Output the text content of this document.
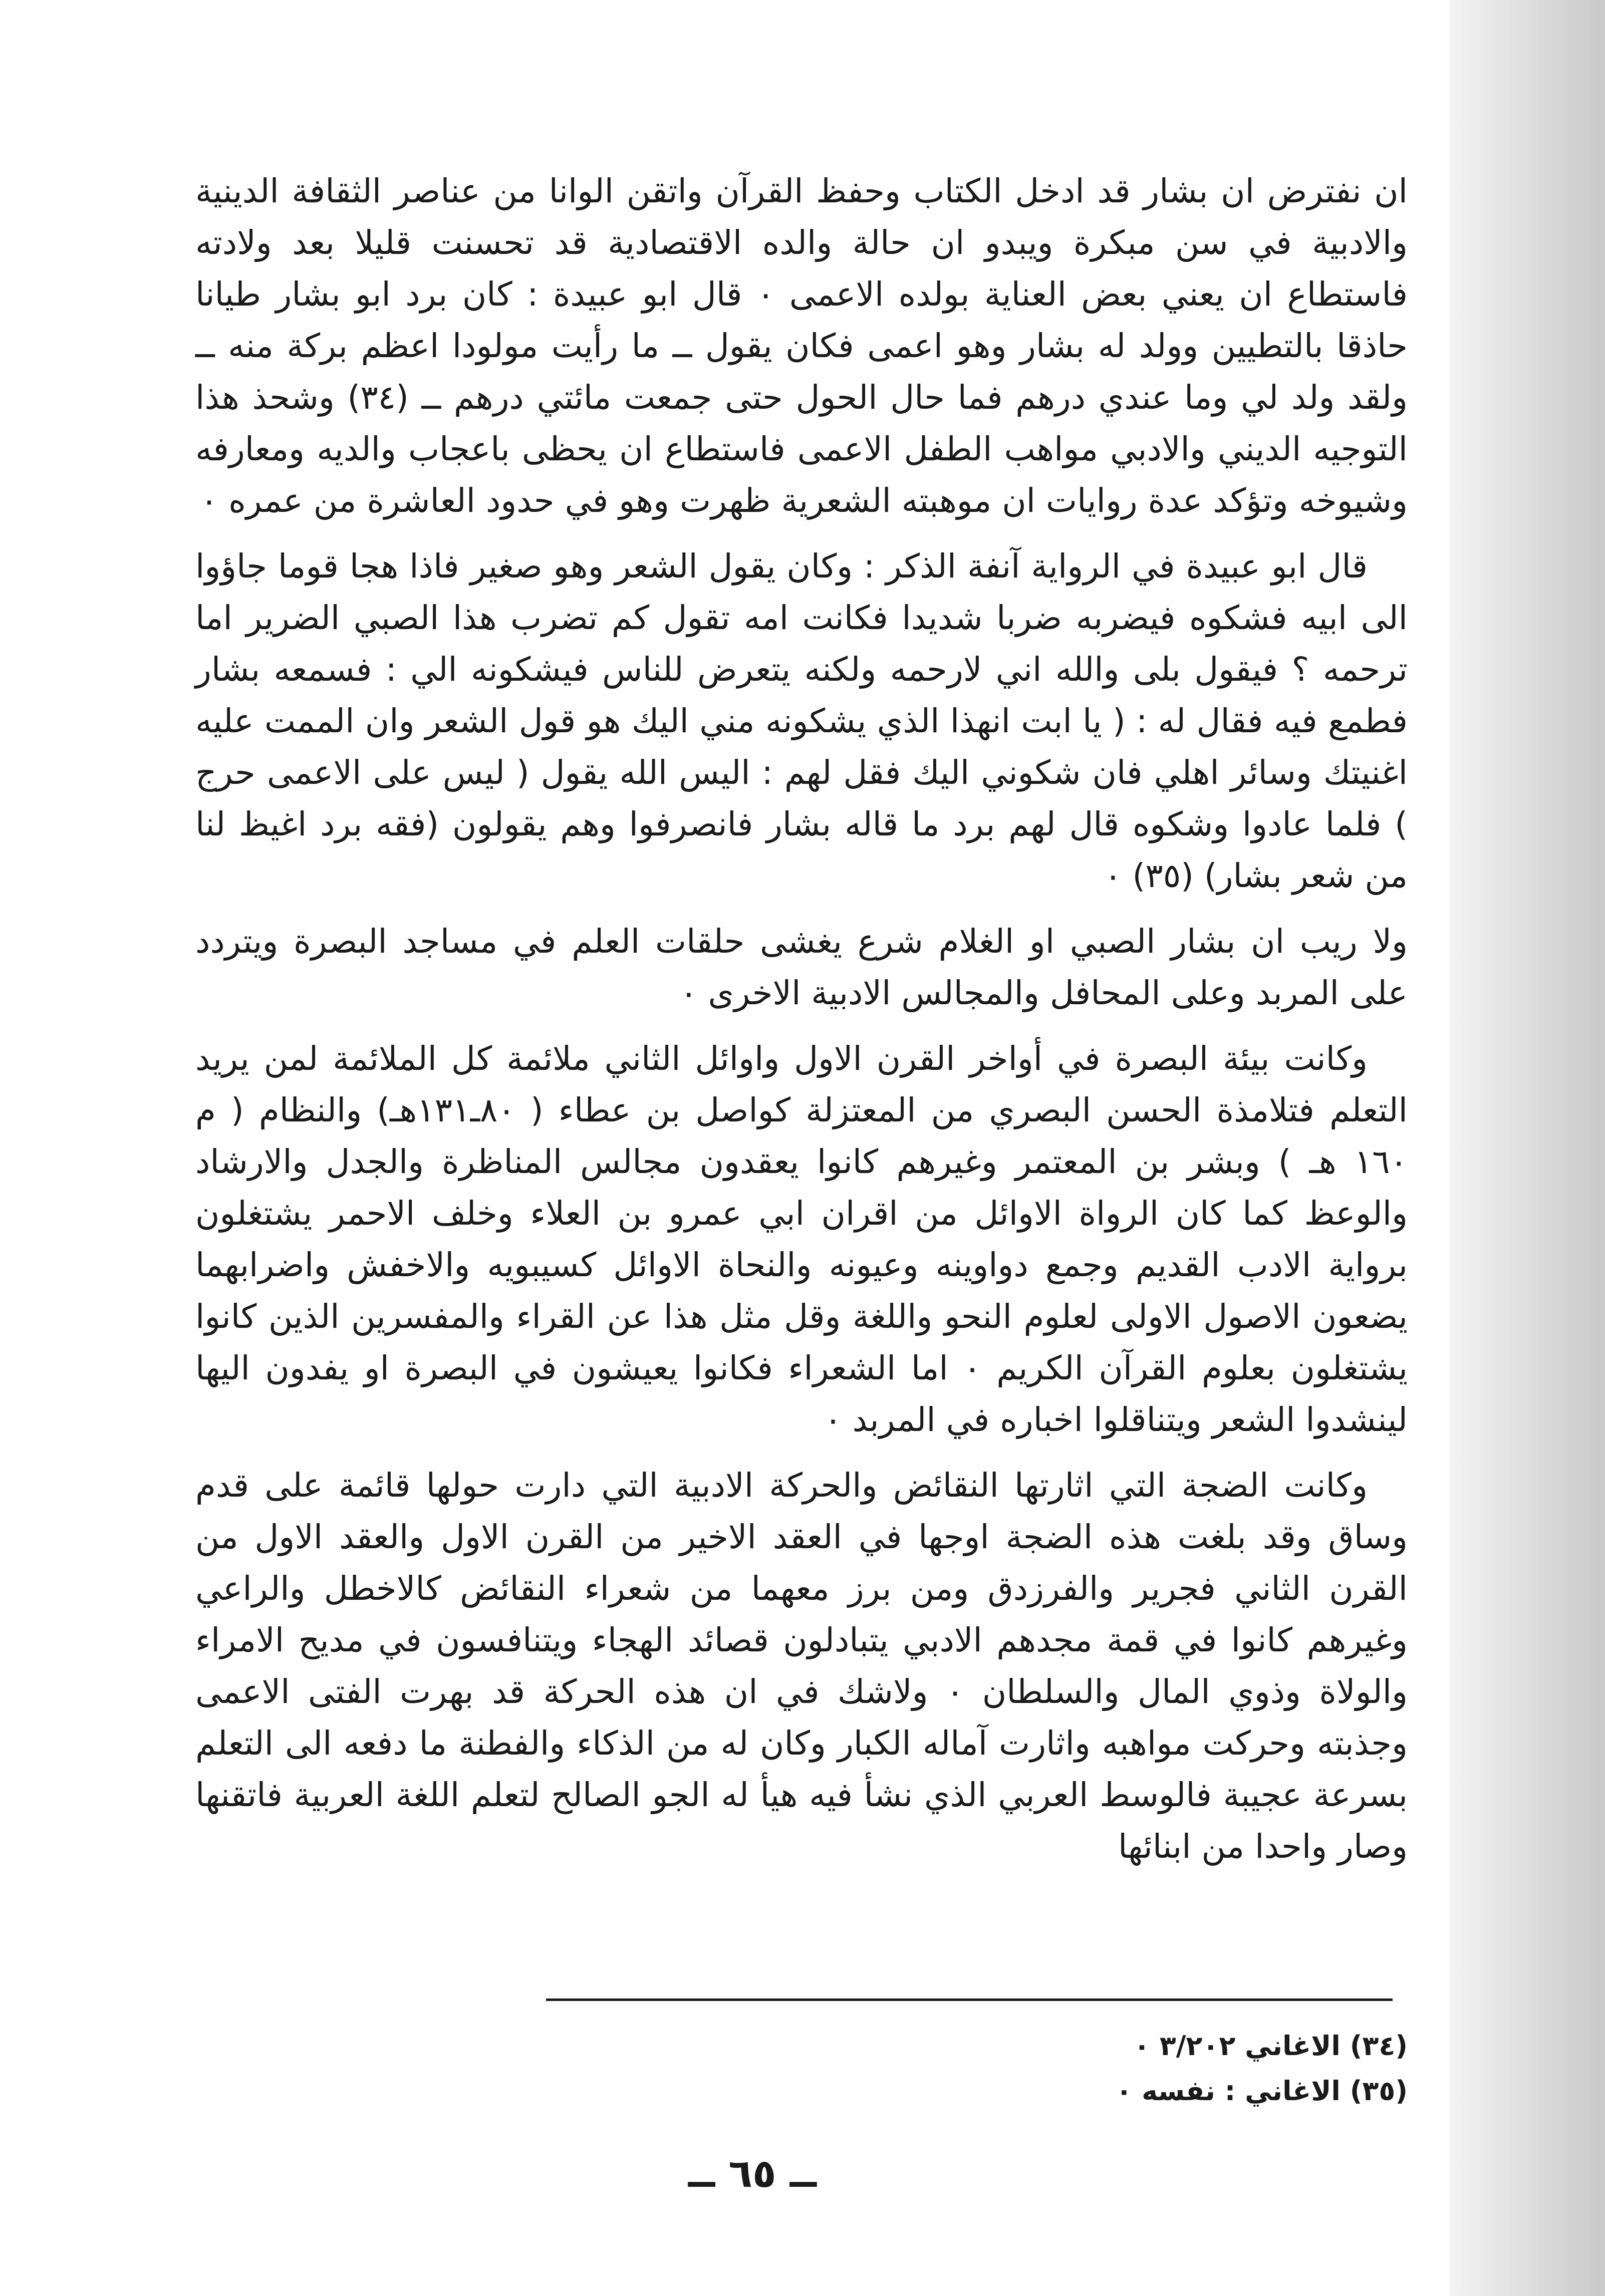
ان نفترض ان بشار قد ادخل الكتاب وحفظ القرآن واتقن الوانا من عناصر الثقافة الدينية والادبية في سن مبكرة ويبدو ان حالة والده الاقتصادية قد تحسنت قليلا بعد ولادته فاستطاع ان يعني بعض العناية بولده الاعمى ٠ قال ابو عبيدة : كان برد ابو بشار طيانا حاذقا بالتطيين وولد له بشار وهو اعمى فكان يقول ــ ما رأيت مولودا اعظم بركة منه ــ ولقد ولد لي وما عندي درهم فما حال الحول حتى جمعت مائتي درهم ــ (٣٤) وشحذ هذا التوجيه الديني والادبي مواهب الطفل الاعمى فاستطاع ان يحظى باعجاب والديه ومعارفه وشيوخه وتؤكد عدة روايات ان موهبته الشعرية ظهرت وهو في حدود العاشرة من عمره ٠

قال ابو عبيدة في الرواية آنفة الذكر : وكان يقول الشعر وهو صغير فاذا هجا قوما جاؤوا الى ابيه فشكوه فيضربه ضربا شديدا فكانت امه تقول كم تضرب هذا الصبي الضرير اما ترحمه ؟ فيقول بلى والله اني لارحمه ولكنه يتعرض للناس فيشكونه الي : فسمعه بشار فطمع فيه فقال له : ( يا ابت انهذا الذي يشكونه مني اليك هو قول الشعر وان الممت عليه اغنيتك وسائر اهلي فان شكوني اليك فقل لهم : اليس الله يقول ( ليس على الاعمى حرج ) فلما عادوا وشكوه قال لهم برد ما قاله بشار فانصرفوا وهم يقولون (فقه برد اغيظ لنا من شعر بشار) (٣٥) ٠

ولا ريب ان بشار الصبي او الغلام شرع يغشى حلقات العلم في مساجد البصرة ويتردد على المربد وعلى المحافل والمجالس الادبية الاخرى ٠

وكانت بيئة البصرة في أواخر القرن الاول واوائل الثاني ملائمة كل الملائمة لمن يريد التعلم فتلامذة الحسن البصري من المعتزلة كواصل بن عطاء ( ٨٠ـ١٣١هـ) والنظام ( م ١٦٠ هـ ) وبشر بن المعتمر وغيرهم كانوا يعقدون مجالس المناظرة والجدل والارشاد والوعظ كما كان الرواة الاوائل من اقران ابي عمرو بن العلاء وخلف الاحمر يشتغلون برواية الادب القديم وجمع دواوينه وعيونه والنحاة الاوائل كسيبويه والاخفش واضرابهما يضعون الاصول الاولى لعلوم النحو واللغة وقل مثل هذا عن القراء والمفسرين الذين كانوا يشتغلون بعلوم القرآن الكريم ٠ اما الشعراء فكانوا يعيشون في البصرة او يفدون اليها لينشدوا الشعر ويتناقلوا اخباره في المربد ٠

وكانت الضجة التي اثارتها النقائض والحركة الادبية التي دارت حولها قائمة على قدم وساق وقد بلغت هذه الضجة اوجها في العقد الاخير من القرن الاول والعقد الاول من القرن الثاني فجرير والفرزدق ومن برز معهما من شعراء النقائض كالاخطل والراعي وغيرهم كانوا في قمة مجدهم الادبي يتبادلون قصائد الهجاء ويتنافسون في مديح الامراء والولاة وذوي المال والسلطان ٠ ولاشك في ان هذه الحركة قد بهرت الفتى الاعمى وجذبته وحركت مواهبه واثارت آماله الكبار وكان له من الذكاء والفطنة ما دفعه الى التعلم بسرعة عجيبة فالوسط العربي الذي نشأ فيه هيأ له الجو الصالح لتعلم اللغة العربية فاتقنها وصار واحدا من ابنائها

(٣٤) الاغاني ٣/٢٠٢ ٠

(٣٥) الاغاني : نفسه ٠

ــ ٦٥ ــ
